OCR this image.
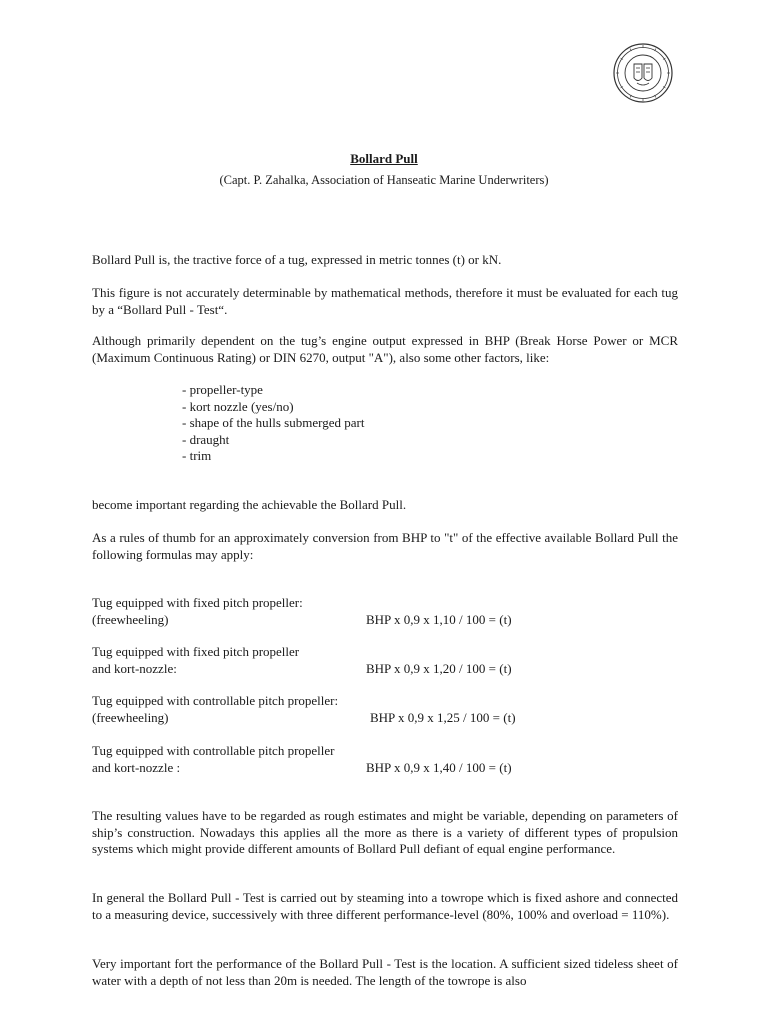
Bollard Pull
(Capt. P. Zahalka, Association of Hanseatic Marine Underwriters)

Bollard Pull is, the tractive force of a tug, expressed in metric tonnes (t) or kN.

This figure is not accurately determinable by mathematical methods, therefore it must be evaluated for each tug by a “Bollard Pull - Test“.

Although primarily dependent on the tug’s engine output expressed in BHP (Break Horse Power or MCR (Maximum Continuous Rating) or DIN 6270, output "A"), also some other factors, like:

- propeller-type
- kort nozzle (yes/no)
- shape of the hulls submerged part
- draught
- trim

become important regarding the achievable the Bollard Pull.

As a rules of thumb for an approximately conversion from BHP to "t" of the effective available Bollard Pull the following formulas may apply:

Tug equipped with fixed pitch propeller:
(freewheeling)	BHP x 0,9 x 1,10 / 100 = (t)
Tug equipped with fixed pitch propeller
and kort-nozzle:	BHP x 0,9 x 1,20 / 100 = (t)
Tug equipped with controllable pitch propeller:
(freewheeling)	BHP x 0,9 x 1,25 / 100 = (t)
Tug equipped with controllable pitch propeller
and kort-nozzle :	BHP x 0,9 x 1,40 / 100 = (t)

The resulting values have to be regarded as rough estimates and might be variable, depending on parameters of ship’s construction. Nowadays this applies all the more as there is a variety of different types of propulsion systems which might provide different amounts of Bollard Pull defiant of equal engine performance.

In general the Bollard Pull - Test is carried out by steaming into a towrope which is fixed ashore and connected to a measuring device, successively with three different performance-level (80%, 100% and overload = 110%).

Very important fort the performance of the Bollard Pull - Test is the location. A sufficient sized tideless sheet of water with a depth of not less than 20m is needed. The length of the towrope is also
